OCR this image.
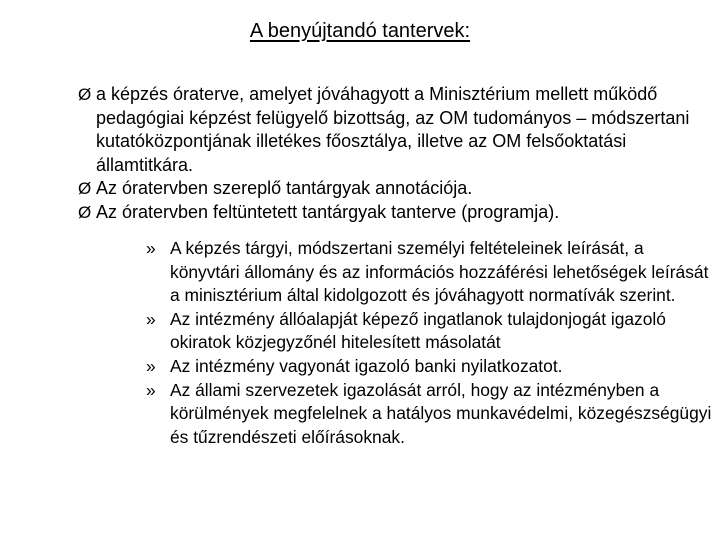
A benyújtandó tantervek:
Ø a képzés óraterve, amelyet jóváhagyott a Minisztérium mellett működő pedagógiai képzést felügyelő bizottság, az OM tudományos – módszertani kutatóközpontjának illetékes főosztálya, illetve az OM felsőoktatási államtitkára.
Ø Az óratervben szereplő tantárgyak annotációja.
Ø Az óratervben feltüntetett tantárgyak tanterve (programja).
» A képzés tárgyi, módszertani személyi feltételeinek leírását, a könyvtári állomány és az információs hozzáférési lehetőségek leírását a minisztérium által kidolgozott és jóváhagyott normatívák szerint.
» Az intézmény állóalapját képező ingatlanok tulajdonjogát igazoló okiratok közjegyzőnél hitelesített másolatát
» Az intézmény vagyonát igazoló banki nyilatkozatot.
» Az állami szervezetek igazolását arról, hogy az intézményben a körülmények megfelelnek a hatályos munkavédelmi, közegészségügyi és tűzrendészeti előírásoknak.
